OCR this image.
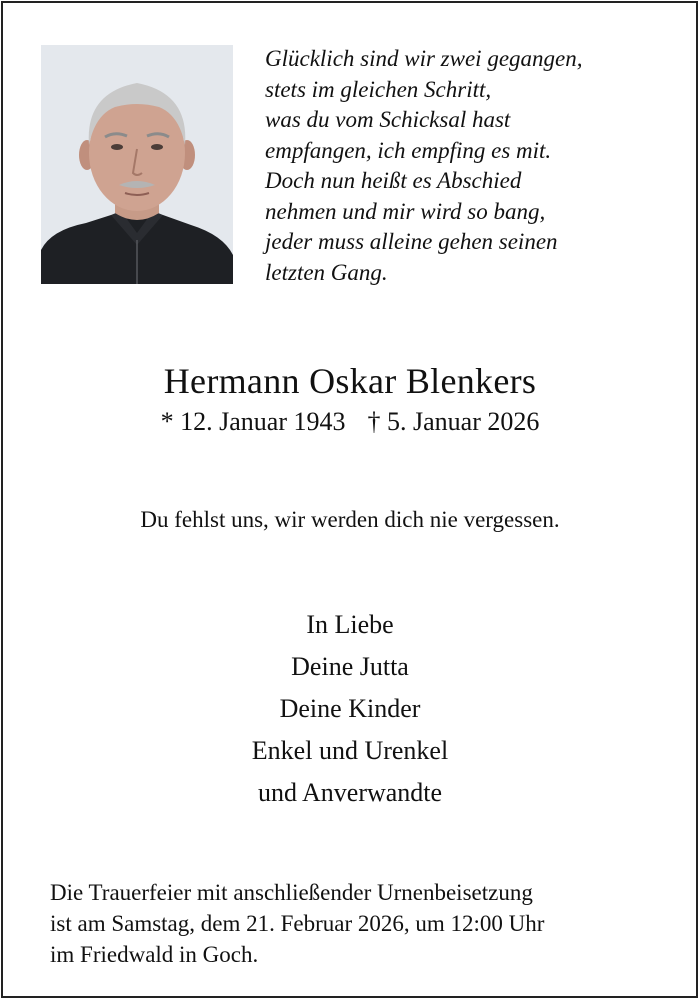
Glücklich sind wir zwei gegangen,
stets im gleichen Schritt,
was du vom Schicksal hast
empfangen, ich empfing es mit.
Doch nun heißt es Abschied
nehmen und mir wird so bang,
jeder muss alleine gehen seinen
letzten Gang.
Hermann Oskar Blenkers
* 12. Januar 1943 † 5. Januar 2026
Du fehlst uns, wir werden dich nie vergessen.
In Liebe
Deine Jutta
Deine Kinder
Enkel und Urenkel
und Anverwandte
Die Trauerfeier mit anschließender Urnenbeisetzung
ist am Samstag, dem 21. Februar 2026, um 12:00 Uhr
im Friedwald in Goch.
